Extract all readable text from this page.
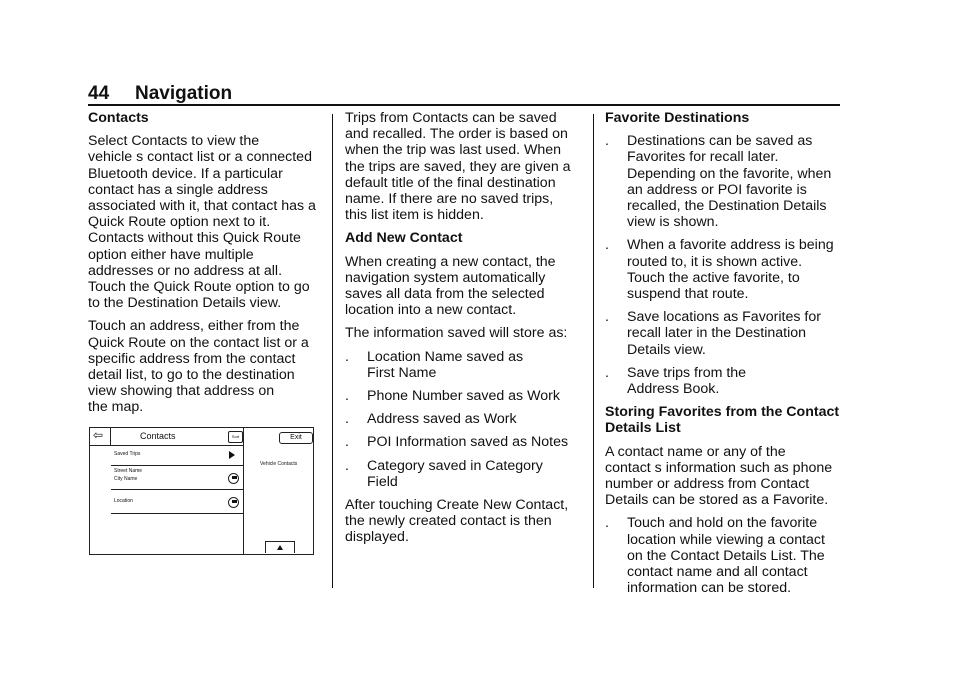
44 Navigation
Contacts

Select Contacts to view the
vehicle s contact list or a connected
Bluetooth device. If a particular
contact has a single address
associated with it, that contact has a
Quick Route option next to it.
Contacts without this Quick Route
option either have multiple
addresses or no address at all.
Touch the Quick Route option to go
to the Destination Details view.

Touch an address, either from the
Quick Route on the contact list or a
specific address from the contact
detail list, to go to the destination
view showing that address on
the map.

⇦	Contacts	Sort	Exit
Vehicle Contacts
Saved Trips
Street Name
City Name
Location

Trips from Contacts can be saved
and recalled. The order is based on
when the trip was last used. When
the trips are saved, they are given a
default title of the final destination
name. If there are no saved trips,
this list item is hidden.

Add New Contact

When creating a new contact, the
navigation system automatically
saves all data from the selected
location into a new contact.

The information saved will store as:

. Location Name saved as
First Name
. Phone Number saved as Work
. Address saved as Work
. POI Information saved as Notes
. Category saved in Category
Field

After touching Create New Contact,
the newly created contact is then
displayed.

Favorite Destinations
. Destinations can be saved as
Favorites for recall later.
Depending on the favorite, when
an address or POI favorite is
recalled, the Destination Details
view is shown.
. When a favorite address is being
routed to, it is shown active.
Touch the active favorite, to
suspend that route.
. Save locations as Favorites for
recall later in the Destination
Details view.
. Save trips from the
Address Book.
Storing Favorites from the Contact
Details List

A contact name or any of the
contact s information such as phone
number or address from Contact
Details can be stored as a Favorite.

. Touch and hold on the favorite
location while viewing a contact
on the Contact Details List. The
contact name and all contact
information can be stored.
